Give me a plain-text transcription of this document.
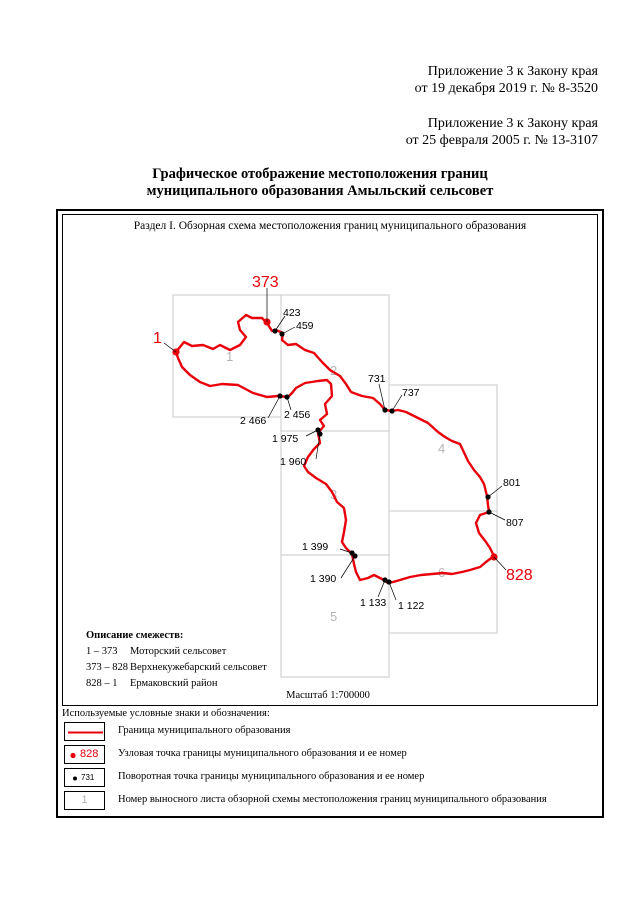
Приложение 3 к Закону края
от 19 декабря 2019 г. № 8-3520
Приложение 3 к Закону края
от 25 февраля 2005 г. № 13-3107
Графическое отображение местоположения границ
муниципального образования Амыльский сельсовет
Раздел I. Обзорная схема местоположения границ муниципального образования
1
2
3
4
5
6
1
373
828
423
459
731
737
801
807
1 122
1 133
1 390
1 399
1 960
1 975
2 456
2 466
Описание смежеств:
1 – 373 Моторский сельсовет
373 – 828 Верхнекужебарский сельсовет
828 – 1 Ермаковский район
Масштаб 1:700000
Используемые условные знаки и обозначения:
Граница муниципального образования
828 Узловая точка границы муниципального образования и ее номер
731 Поворотная точка границы муниципального образования и ее номер
1	Номер выносного листа обзорной схемы местоположения границ муниципального образования
